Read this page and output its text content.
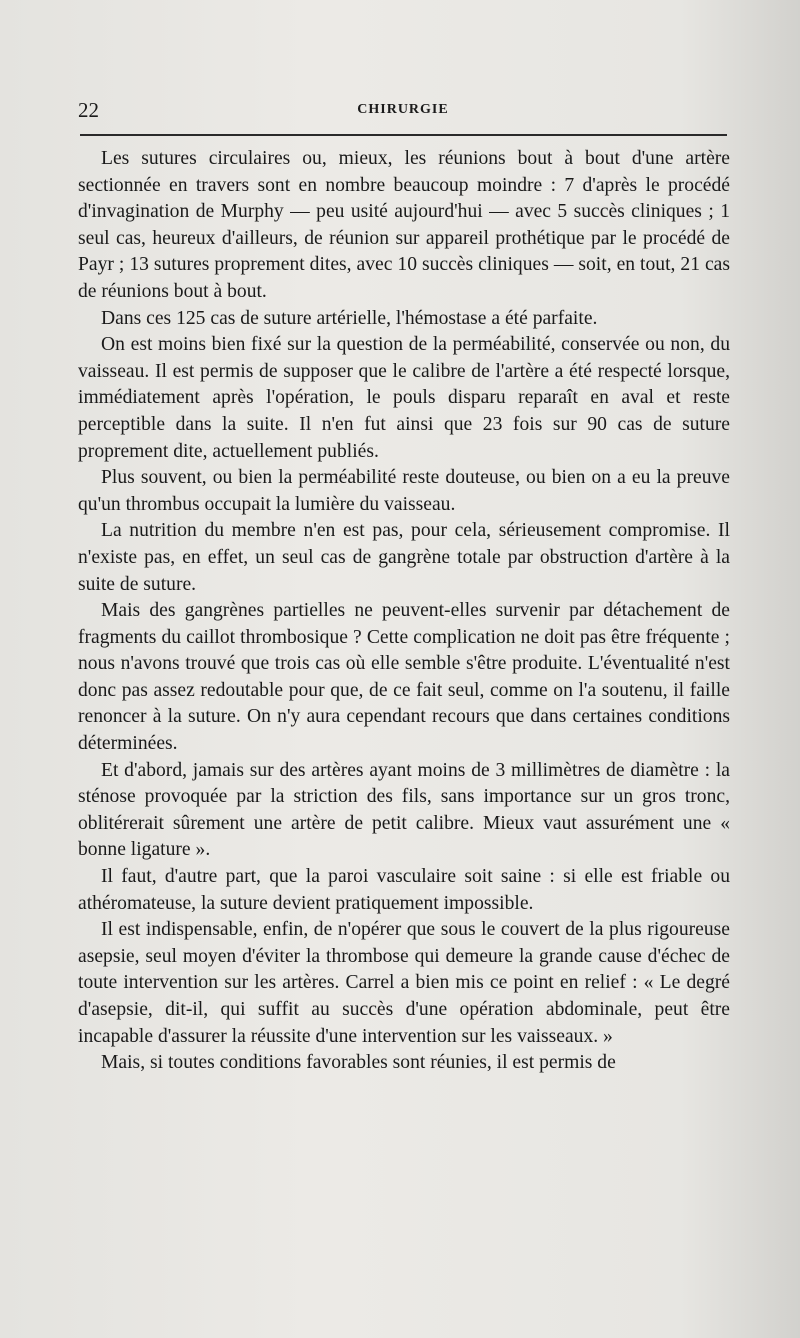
22	CHIRURGIE

Les sutures circulaires ou, mieux, les réunions bout à bout d'une artère sectionnée en travers sont en nombre beaucoup moindre : 7 d'après le procédé d'invagination de Murphy — peu usité aujourd'hui — avec 5 succès cliniques ; 1 seul cas, heureux d'ailleurs, de réunion sur appareil prothétique par le procédé de Payr ; 13 sutures proprement dites, avec 10 succès cliniques — soit, en tout, 21 cas de réunions bout à bout.

Dans ces 125 cas de suture artérielle, l'hémostase a été parfaite.

On est moins bien fixé sur la question de la perméabilité, conservée ou non, du vaisseau. Il est permis de supposer que le calibre de l'artère a été respecté lorsque, immédiatement après l'opération, le pouls disparu reparaît en aval et reste perceptible dans la suite. Il n'en fut ainsi que 23 fois sur 90 cas de suture proprement dite, actuellement publiés.

Plus souvent, ou bien la perméabilité reste douteuse, ou bien on a eu la preuve qu'un thrombus occupait la lumière du vaisseau.

La nutrition du membre n'en est pas, pour cela, sérieusement compromise. Il n'existe pas, en effet, un seul cas de gangrène totale par obstruction d'artère à la suite de suture.

Mais des gangrènes partielles ne peuvent-elles survenir par détachement de fragments du caillot thrombosique ? Cette complication ne doit pas être fréquente ; nous n'avons trouvé que trois cas où elle semble s'être produite. L'éventualité n'est donc pas assez redoutable pour que, de ce fait seul, comme on l'a soutenu, il faille renoncer à la suture. On n'y aura cependant recours que dans certaines conditions déterminées.

Et d'abord, jamais sur des artères ayant moins de 3 millimètres de diamètre : la sténose provoquée par la striction des fils, sans importance sur un gros tronc, oblitérerait sûrement une artère de petit calibre. Mieux vaut assurément une « bonne ligature ».

Il faut, d'autre part, que la paroi vasculaire soit saine : si elle est friable ou athéromateuse, la suture devient pratiquement impossible.

Il est indispensable, enfin, de n'opérer que sous le couvert de la plus rigoureuse asepsie, seul moyen d'éviter la thrombose qui demeure la grande cause d'échec de toute intervention sur les artères. Carrel a bien mis ce point en relief : « Le degré d'asepsie, dit-il, qui suffit au succès d'une opération abdominale, peut être incapable d'assurer la réussite d'une intervention sur les vaisseaux. »

Mais, si toutes conditions favorables sont réunies, il est permis de
